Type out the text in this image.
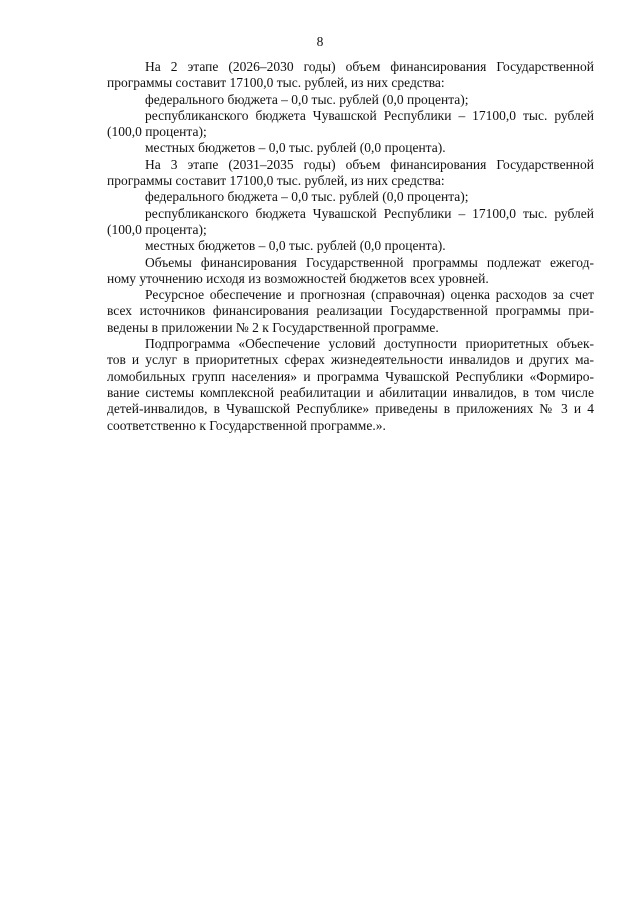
8
На 2 этапе (2026–2030 годы) объем финансирования Государственной
программы составит 17100,0 тыс. рублей, из них средства:
федерального бюджета – 0,0 тыс. рублей (0,0 процента);
республиканского бюджета Чувашской Республики – 17100,0 тыс. рублей
(100,0 процента);
местных бюджетов – 0,0 тыс. рублей (0,0 процента).
На 3 этапе (2031–2035 годы) объем финансирования Государственной
программы составит 17100,0 тыс. рублей, из них средства:
федерального бюджета – 0,0 тыс. рублей (0,0 процента);
республиканского бюджета Чувашской Республики – 17100,0 тыс. рублей
(100,0 процента);
местных бюджетов – 0,0 тыс. рублей (0,0 процента).
Объемы финансирования Государственной программы подлежат ежегод-
ному уточнению исходя из возможностей бюджетов всех уровней.
Ресурсное обеспечение и прогнозная (справочная) оценка расходов за счет
всех источников финансирования реализации Государственной программы при-
ведены в приложении № 2 к Государственной программе.
Подпрограмма «Обеспечение условий доступности приоритетных объек-
тов и услуг в приоритетных сферах жизнедеятельности инвалидов и других ма-
ломобильных групп населения» и программа Чувашской Республики «Формиро-
вание системы комплексной реабилитации и абилитации инвалидов, в том числе
детей-инвалидов, в Чувашской Республике» приведены в приложениях № 3 и 4
соответственно к Государственной программе.».
